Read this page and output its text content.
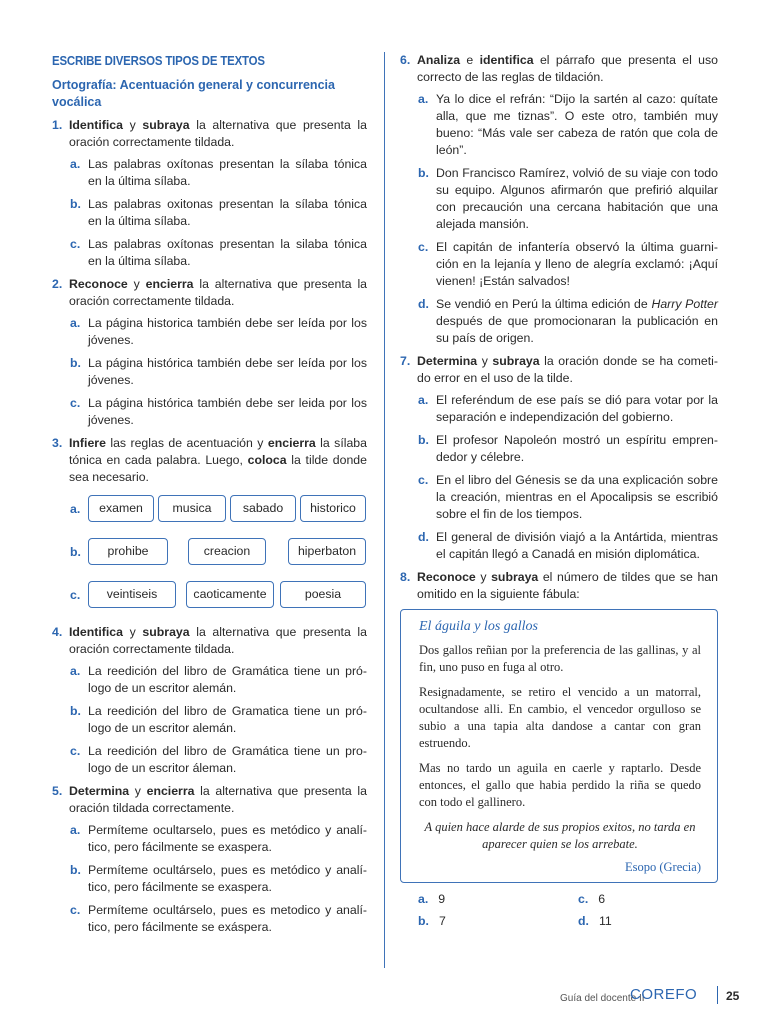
ESCRIBE DIVERSOS TIPOS DE TEXTOS
Ortografía: Acentuación general y concurrencia vocálica
1. Identifica y subraya la alternativa que presenta la oración correctamente tildada.
a. Las palabras oxítonas presentan la sílaba tónica en la última sílaba.
b. Las palabras oxitonas presentan la sílaba tónica en la última sílaba.
c. Las palabras oxítonas presentan la silaba tónica en la última sílaba.
2. Reconoce y encierra la alternativa que presenta la oración correctamente tildada.
a. La página historica también debe ser leída por los jóvenes.
b. La página histórica también debe ser leída por los jóvenes.
c. La página histórica también debe ser leida por los jóvenes.
3. Infiere las reglas de acentuación y encierra la sílaba tónica en cada palabra. Luego, coloca la tilde donde sea necesario.
a.	examen	musica	sabado	historico
b.	prohibe	creacion	hiperbaton
c.	veintiseis	caoticamente	poesia
4. Identifica y subraya la alternativa que presenta la oración correctamente tildada.
a. La reedición del libro de Gramática tiene un prólogo de un escritor alemán.
b. La reedición del libro de Gramatica tiene un prólogo de un escritor alemán.
c. La reedición del libro de Gramática tiene un prologo de un escritor áleman.
5. Determina y encierra la alternativa que presenta la oración tildada correctamente.
a. Permíteme ocultarselo, pues es metódico y analítico, pero fácilmente se exaspera.
b. Permíteme ocultárselo, pues es metódico y analítico, pero fácilmente se exaspera.
c. Permíteme ocultárselo, pues es metodico y analítico, pero fácilmente se exáspera.
6. Analiza e identifica el párrafo que presenta el uso correcto de las reglas de tildación.
a. Ya lo dice el refrán: “Dijo la sartén al cazo: quítate alla, que me tiznas”. O este otro, también muy bueno: “Más vale ser cabeza de ratón que cola de león”.
b. Don Francisco Ramírez, volvió de su viaje con todo su equipo. Algunos afirmarón que prefirió alquilar con precaución una cercana habitación que una alejada mansión.
c. El capitán de infantería observó la última guarnición en la lejanía y lleno de alegría exclamó: ¡Aquí vienen! ¡Están salvados!
d. Se vendió en Perú la última edición de Harry Potter después de que promocionaran la publicación en su país de origen.
7. Determina y subraya la oración donde se ha cometido error en el uso de la tilde.
a. El referéndum de ese país se dió para votar por la separación e independización del gobierno.
b. El profesor Napoleón mostró un espíritu emprendedor y célebre.
c. En el libro del Génesis se da una explicación sobre la creación, mientras en el Apocalipsis se escribió sobre el fin de los tiempos.
d. El general de división viajó a la Antártida, mientras el capitán llegó a Canadá en misión diplomática.
8. Reconoce y subraya el número de tildes que se han omitido en la siguiente fábula:
El águila y los gallos

Dos gallos reñian por la preferencia de las gallinas, y al fin, uno puso en fuga al otro.

Resignadamente, se retiro el vencido a un matorral, ocultandose alli. En cambio, el vencedor orgulloso se subio a una tapia alta dandose a cantar con gran estruendo.

Mas no tardo un aguila en caerle y raptarlo. Desde entonces, el gallo que habia perdido la riña se quedo con todo el gallinero.

A quien hace alarde de sus propios exitos, no tarda en aparecer quien se los arrebate.
Esopo (Grecia)
a. 9	c. 6
b. 7	d. 11
Guía del docente II
COREFO 25
